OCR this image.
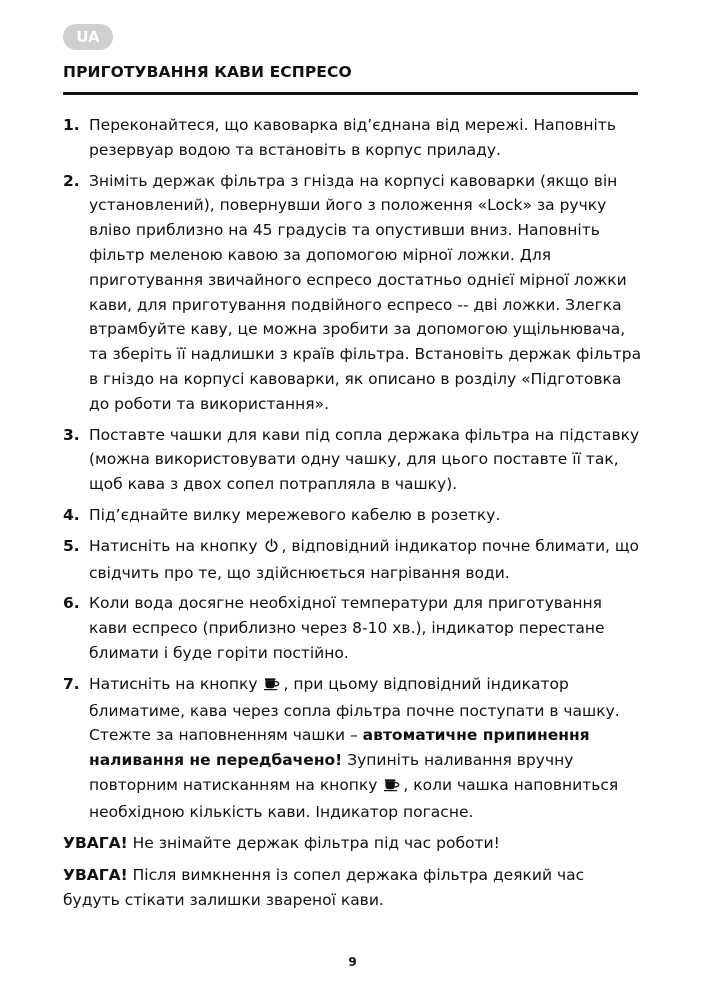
UA
ПРИГОТУВАННЯ КАВИ ЕСПРЕСО
1. Переконайтеся, що кавоварка від’єднана від мережі. Наповніть резервуар водою та встановіть в корпус приладу.
2. Зніміть держак фільтра з гнізда на корпусі кавоварки (якщо він установлений), повернувши його з положення «Lock» за ручку вліво приблизно на 45 градусів та опустивши вниз. Наповніть фільтр меленою кавою за допомогою мірної ложки. Для приготування звичайного еспресо достатньо однієї мірної ложки кави, для приготування подвійного еспресо -- дві ложки. Злегка втрамбуйте каву, це можна зробити за допомогою ущільнювача, та зберіть її надлишки з країв фільтра. Встановіть держак фільтра в гніздо на корпусі кавоварки, як описано в розділу «Підготовка до роботи та використання».
3. Поставте чашки для кави під сопла держака фільтра на підставку (можна використовувати одну чашку, для цього поставте її так, щоб кава з двох сопел потрапляла в чашку).
4. Під’єднайте вилку мережевого кабелю в розетку.
5. Натисніть на кнопку , відповідний індикатор почне блимати, що свідчить про те, що здійснюється нагрівання води.
6. Коли вода досягне необхідної температури для приготування кави еспресо (приблизно через 8-10 хв.), індикатор перестане блимати і буде горіти постійно.
7. Натисніть на кнопку , при цьому відповідний індикатор блиматиме, кава через сопла фільтра почне поступати в чашку. Стежте за наповненням чашки – автоматичне припинення наливання не передбачено! Зупиніть наливання вручну повторним натисканням на кнопку , коли чашка наповниться необхідною кількість кави. Індикатор погасне.

УВАГА! Не знімайте держак фільтра під час роботи!

УВАГА! Після вимкнення із сопел держака фільтра деякий час будуть стікати залишки звареної кави.

9
